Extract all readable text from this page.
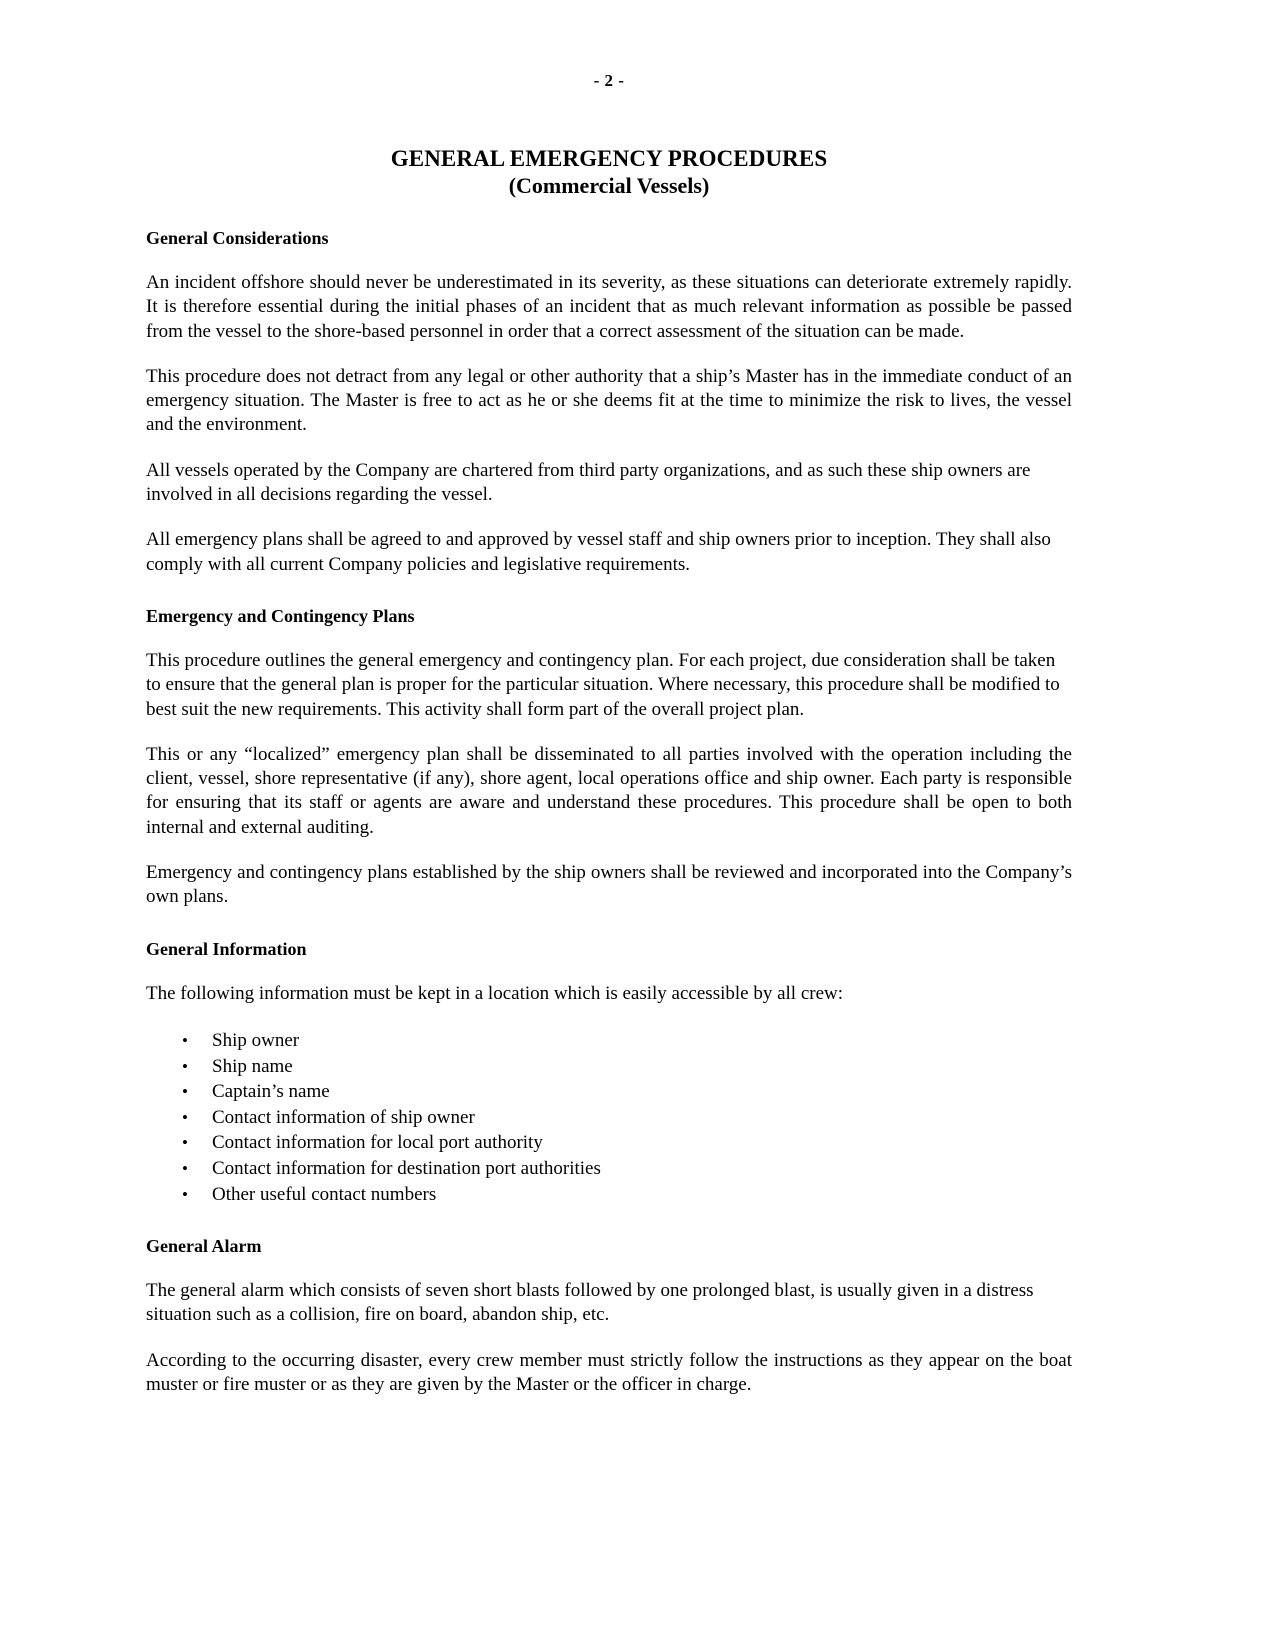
- 2 -
GENERAL EMERGENCY PROCEDURES
(Commercial Vessels)
General Considerations

An incident offshore should never be underestimated in its severity, as these situations can deteriorate extremely rapidly. It is therefore essential during the initial phases of an incident that as much relevant information as possible be passed from the vessel to the shore-based personnel in order that a correct assessment of the situation can be made.

This procedure does not detract from any legal or other authority that a ship’s Master has in the immediate conduct of an emergency situation. The Master is free to act as he or she deems fit at the time to minimize the risk to lives, the vessel and the environment.

All vessels operated by the Company are chartered from third party organizations, and as such these ship owners are involved in all decisions regarding the vessel.

All emergency plans shall be agreed to and approved by vessel staff and ship owners prior to inception. They shall also comply with all current Company policies and legislative requirements.

Emergency and Contingency Plans

This procedure outlines the general emergency and contingency plan. For each project, due consideration shall be taken to ensure that the general plan is proper for the particular situation. Where necessary, this procedure shall be modified to best suit the new requirements. This activity shall form part of the overall project plan.

This or any “localized” emergency plan shall be disseminated to all parties involved with the operation including the client, vessel, shore representative (if any), shore agent, local operations office and ship owner. Each party is responsible for ensuring that its staff or agents are aware and understand these procedures. This procedure shall be open to both internal and external auditing.

Emergency and contingency plans established by the ship owners shall be reviewed and incorporated into the Company’s own plans.

General Information

The following information must be kept in a location which is easily accessible by all crew:

• Ship owner
• Ship name
• Captain’s name
• Contact information of ship owner
• Contact information for local port authority
• Contact information for destination port authorities
• Other useful contact numbers
General Alarm

The general alarm which consists of seven short blasts followed by one prolonged blast, is usually given in a distress situation such as a collision, fire on board, abandon ship, etc.

According to the occurring disaster, every crew member must strictly follow the instructions as they appear on the boat muster or fire muster or as they are given by the Master or the officer in charge.
